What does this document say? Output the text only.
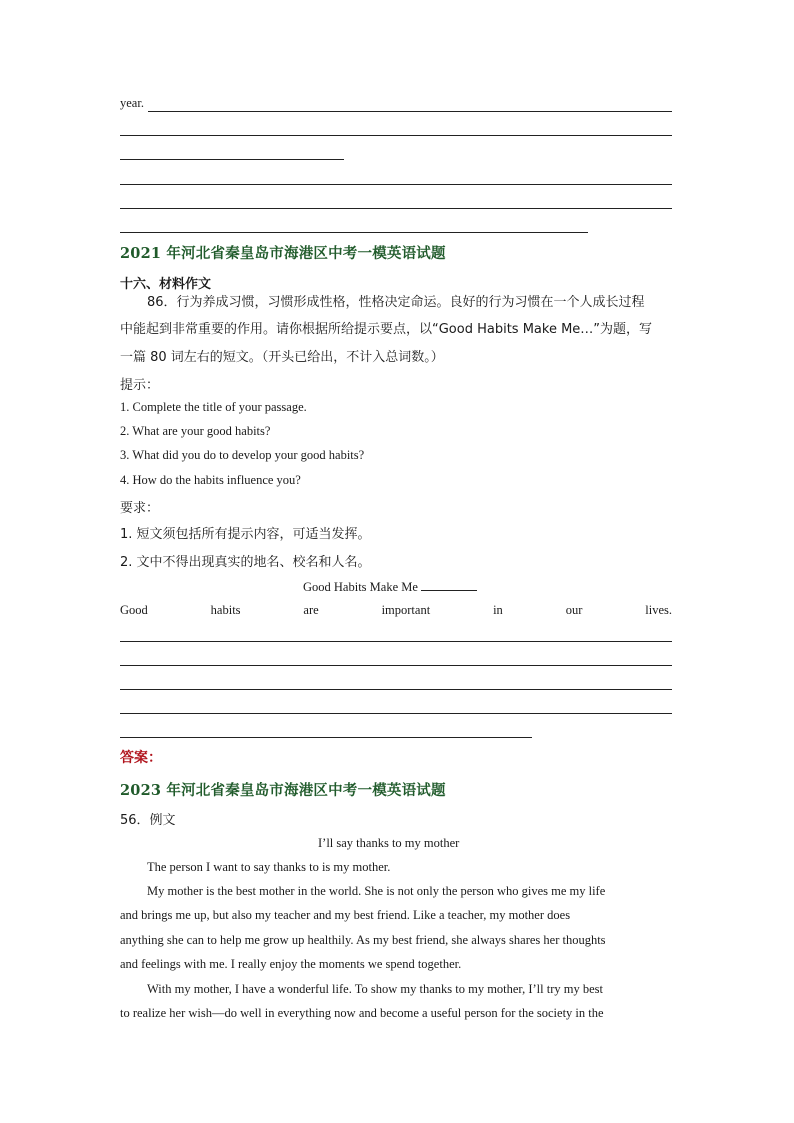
year.
2021 年河北省秦皇岛市海港区中考一模英语试题
十六、材料作文
86．行为养成习惯，习惯形成性格，性格决定命运。良好的行为习惯在一个人成长过程
中能起到非常重要的作用。请你根据所给提示要点，以“Good Habits Make Me…”为题，写
一篇 80 词左右的短文。（开头已给出，不计入总词数。）
提示：
1. Complete the title of your passage.
2. What are your good habits?
3. What did you do to develop your good habits?
4. How do the habits influence you?
要求：
1. 短文须包括所有提示内容，可适当发挥。
2. 文中不得出现真实的地名、校名和人名。
Good Habits Make Me
Good	habits	are	important	in	our	lives.
答案：
2023 年河北省秦皇岛市海港区中考一模英语试题
56．例文
I’ll say thanks to my mother
The person I want to say thanks to is my mother.
My mother is the best mother in the world. She is not only the person who gives me my life
and brings me up, but also my teacher and my best friend. Like a teacher, my mother does
anything she can to help me grow up healthily. As my best friend, she always shares her thoughts
and feelings with me. I really enjoy the moments we spend together.
With my mother, I have a wonderful life. To show my thanks to my mother, I’ll try my best
to realize her wish—do well in everything now and become a useful person for the society in the
